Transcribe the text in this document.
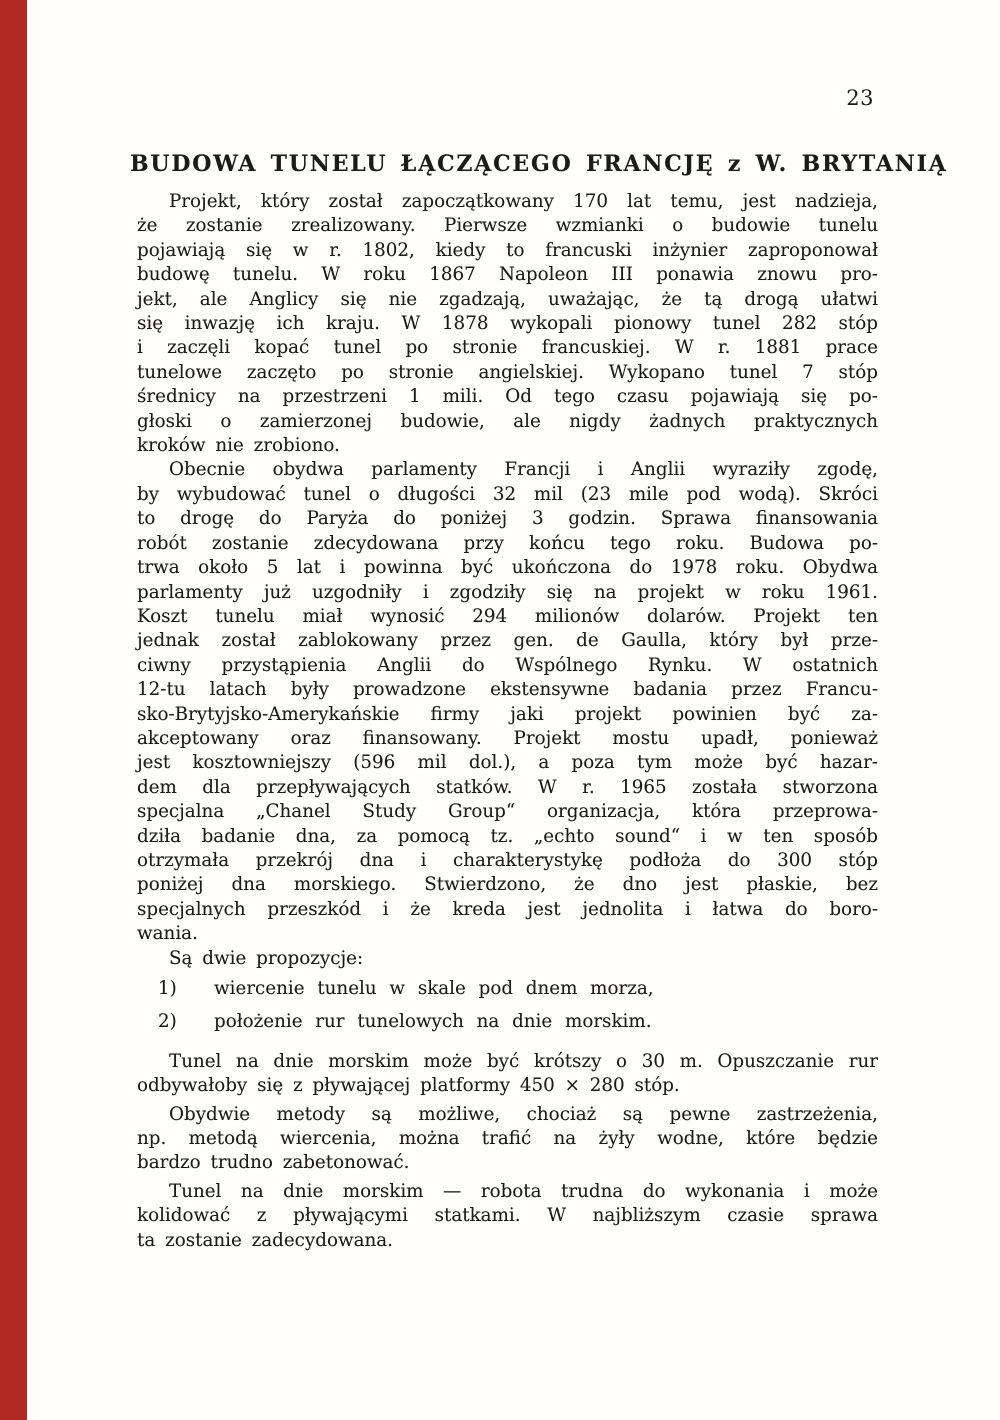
23
BUDOWA TUNELU ŁĄCZĄCEGO FRANCJĘ z W. BRYTANIĄ
Projekt, który został zapoczątkowany 170 lat temu, jest nadzieja,
że zostanie zrealizowany. Pierwsze wzmianki o budowie tunelu
pojawiają się w r. 1802, kiedy to francuski inżynier zaproponował
budowę tunelu. W roku 1867 Napoleon III ponawia znowu pro-
jekt, ale Anglicy się nie zgadzają, uważając, że tą drogą ułatwi
się inwazję ich kraju. W 1878 wykopali pionowy tunel 282 stóp
i zaczęli kopać tunel po stronie francuskiej. W r. 1881 prace
tunelowe zaczęto po stronie angielskiej. Wykopano tunel 7 stóp
średnicy na przestrzeni 1 mili. Od tego czasu pojawiają się po-
głoski o zamierzonej budowie, ale nigdy żadnych praktycznych
kroków nie zrobiono.
Obecnie obydwa parlamenty Francji i Anglii wyraziły zgodę,
by wybudować tunel o długości 32 mil (23 mile pod wodą). Skróci
to drogę do Paryża do poniżej 3 godzin. Sprawa finansowania
robót zostanie zdecydowana przy końcu tego roku. Budowa po-
trwa około 5 lat i powinna być ukończona do 1978 roku. Obydwa
parlamenty już uzgodniły i zgodziły się na projekt w roku 1961.
Koszt tunelu miał wynosić 294 milionów dolarów. Projekt ten
jednak został zablokowany przez gen. de Gaulla, który był prze-
ciwny przystąpienia Anglii do Wspólnego Rynku. W ostatnich
12-tu latach były prowadzone ekstensywne badania przez Francu-
sko-Brytyjsko-Amerykańskie firmy jaki projekt powinien być za-
akceptowany oraz finansowany. Projekt mostu upadł, ponieważ
jest kosztowniejszy (596 mil dol.), a poza tym może być hazar-
dem dla przepływających statków. W r. 1965 została stworzona
specjalna „Chanel Study Group“ organizacja, która przeprowa-
dziła badanie dna, za pomocą tz. „echto sound“ i w ten sposób
otrzymała przekrój dna i charakterystykę podłoża do 300 stóp
poniżej dna morskiego. Stwierdzono, że dno jest płaskie, bez
specjalnych przeszkód i że kreda jest jednolita i łatwa do boro-
wania.
Są dwie propozycje:
1) wiercenie tunelu w skale pod dnem morza,
2) położenie rur tunelowych na dnie morskim.
Tunel na dnie morskim może być krótszy o 30 m. Opuszczanie rur
odbywałoby się z pływającej platformy 450 × 280 stóp.
Obydwie metody są możliwe, chociaż są pewne zastrzeżenia,
np. metodą wiercenia, można trafić na żyły wodne, które będzie
bardzo trudno zabetonować.
Tunel na dnie morskim — robota trudna do wykonania i może
kolidować z pływającymi statkami. W najbliższym czasie sprawa
ta zostanie zadecydowana.
